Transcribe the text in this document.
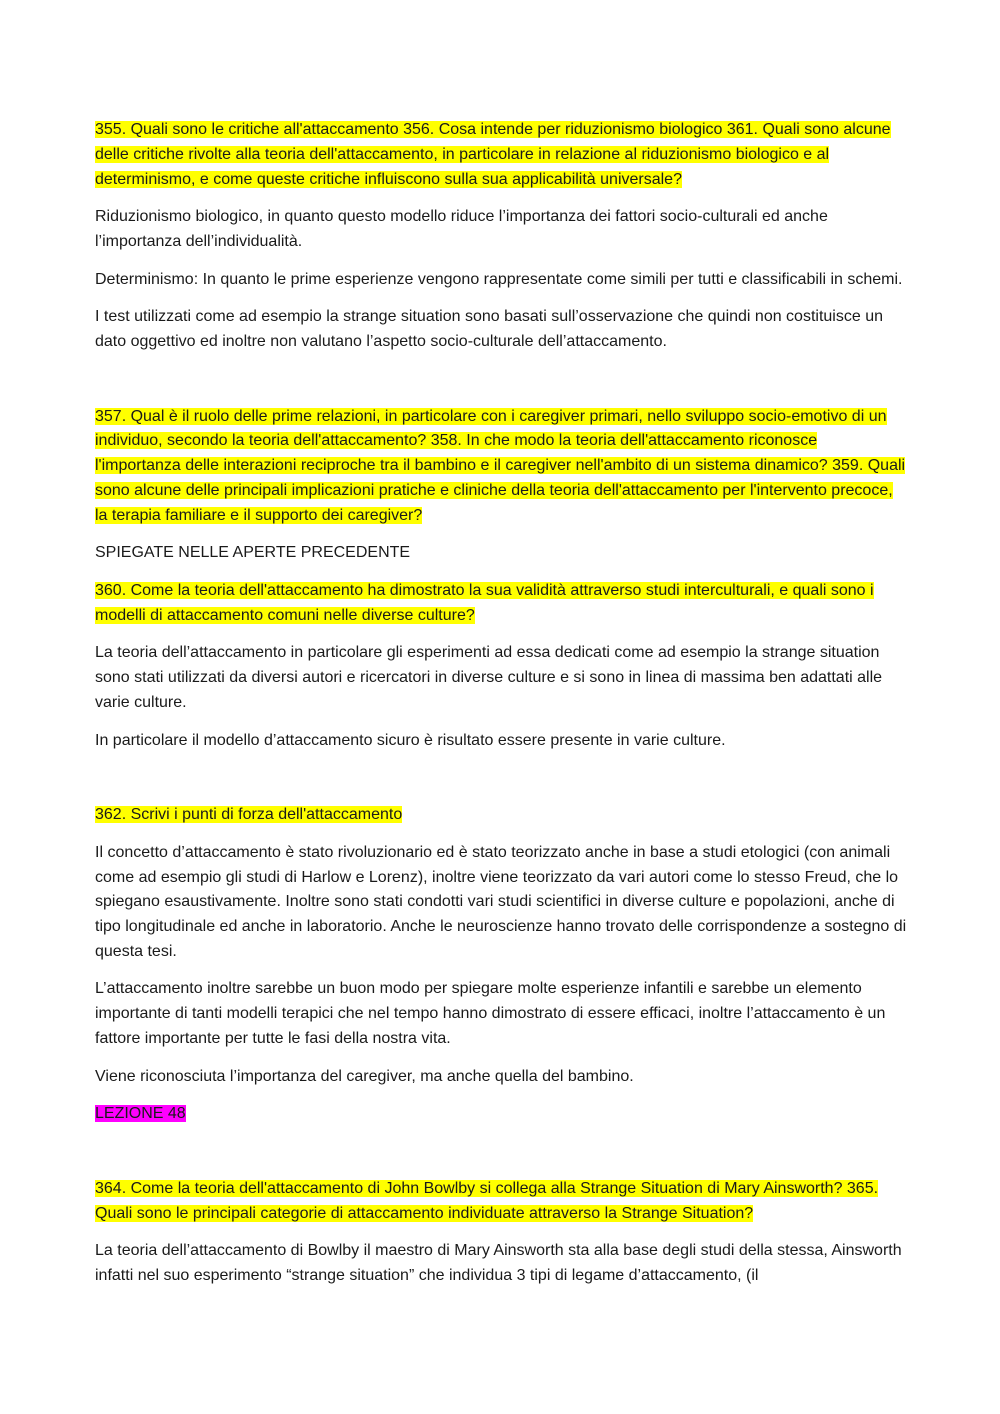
355. Quali sono le critiche all'attaccamento 356. Cosa intende per riduzionismo biologico 361. Quali sono alcune delle critiche rivolte alla teoria dell'attaccamento, in particolare in relazione al riduzionismo biologico e al determinismo, e come queste critiche influiscono sulla sua applicabilità universale?

Riduzionismo biologico, in quanto questo modello riduce l’importanza dei fattori socio-culturali ed anche l’importanza dell’individualità.

Determinismo: In quanto le prime esperienze vengono rappresentate come simili per tutti e classificabili in schemi.

I test utilizzati come ad esempio la strange situation sono basati sull’osservazione che quindi non costituisce un dato oggettivo ed inoltre non valutano l’aspetto socio-culturale dell’attaccamento.

357. Qual è il ruolo delle prime relazioni, in particolare con i caregiver primari, nello sviluppo socio-emotivo di un individuo, secondo la teoria dell'attaccamento? 358. In che modo la teoria dell'attaccamento riconosce l'importanza delle interazioni reciproche tra il bambino e il caregiver nell'ambito di un sistema dinamico? 359. Quali sono alcune delle principali implicazioni pratiche e cliniche della teoria dell'attaccamento per l'intervento precoce, la terapia familiare e il supporto dei caregiver?

SPIEGATE NELLE APERTE PRECEDENTE

360. Come la teoria dell'attaccamento ha dimostrato la sua validità attraverso studi interculturali, e quali sono i modelli di attaccamento comuni nelle diverse culture?

La teoria dell’attaccamento in particolare gli esperimenti ad essa dedicati come ad esempio la strange situation sono stati utilizzati da diversi autori e ricercatori in diverse culture e si sono in linea di massima ben adattati alle varie culture.

In particolare il modello d’attaccamento sicuro è risultato essere presente in varie culture.

362. Scrivi i punti di forza dell'attaccamento

Il concetto d’attaccamento è stato rivoluzionario ed è stato teorizzato anche in base a studi etologici (con animali come ad esempio gli studi di Harlow e Lorenz), inoltre viene teorizzato da vari autori come lo stesso Freud, che lo spiegano esaustivamente. Inoltre sono stati condotti vari studi scientifici in diverse culture e popolazioni, anche di tipo longitudinale ed anche in laboratorio. Anche le neuroscienze hanno trovato delle corrispondenze a sostegno di questa tesi.

L’attaccamento inoltre sarebbe un buon modo per spiegare molte esperienze infantili e sarebbe un elemento importante di tanti modelli terapici che nel tempo hanno dimostrato di essere efficaci, inoltre l’attaccamento è un fattore importante per tutte le fasi della nostra vita.

Viene riconosciuta l’importanza del caregiver, ma anche quella del bambino.

LEZIONE 48

364. Come la teoria dell'attaccamento di John Bowlby si collega alla Strange Situation di Mary Ainsworth? 365. Quali sono le principali categorie di attaccamento individuate attraverso la Strange Situation?

La teoria dell’attaccamento di Bowlby il maestro di Mary Ainsworth sta alla base degli studi della stessa, Ainsworth infatti nel suo esperimento “strange situation” che individua 3 tipi di legame d’attaccamento, (il
